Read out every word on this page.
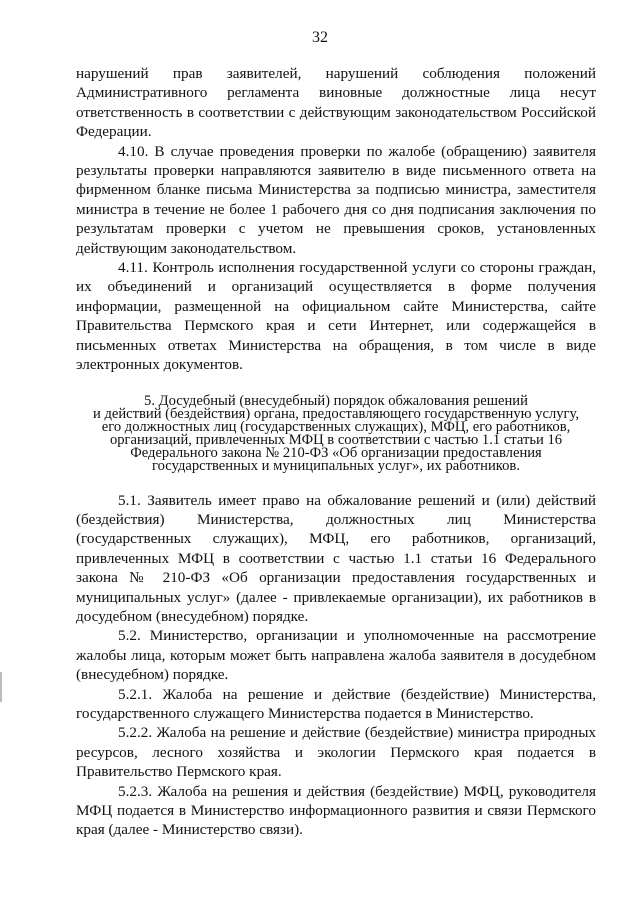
32

нарушений прав заявителей, нарушений соблюдения положений Административного регламента виновные должностные лица несут ответственность в соответствии с действующим законодательством Российской Федерации.

4.10. В случае проведения проверки по жалобе (обращению) заявителя результаты проверки направляются заявителю в виде письменного ответа на фирменном бланке письма Министерства за подписью министра, заместителя министра в течение не более 1 рабочего дня со дня подписания заключения по результатам проверки с учетом не превышения сроков, установленных действующим законодательством.

4.11. Контроль исполнения государственной услуги со стороны граждан, их объединений и организаций осуществляется в форме получения информации, размещенной на официальном сайте Министерства, сайте Правительства Пермского края и сети Интернет, или содержащейся в письменных ответах Министерства на обращения, в том числе в виде электронных документов.

5. Досудебный (внесудебный) порядок обжалования решений
и действий (бездействия) органа, предоставляющего государственную услугу,
его должностных лиц (государственных служащих), МФЦ, его работников,
организаций, привлеченных МФЦ в соответствии с частью 1.1 статьи 16
Федерального закона № 210-ФЗ «Об организации предоставления
государственных и муниципальных услуг», их работников.

5.1. Заявитель имеет право на обжалование решений и (или) действий (бездействия) Министерства, должностных лиц Министерства (государственных служащих), МФЦ, его работников, организаций, привлеченных МФЦ в соответствии с частью 1.1 статьи 16 Федерального закона № 210-ФЗ «Об организации предоставления государственных и муниципальных услуг» (далее - привлекаемые организации), их работников в досудебном (внесудебном) порядке.

5.2. Министерство, организации и уполномоченные на рассмотрение жалобы лица, которым может быть направлена жалоба заявителя в досудебном (внесудебном) порядке.

5.2.1. Жалоба на решение и действие (бездействие) Министерства, государственного служащего Министерства подается в Министерство.

5.2.2. Жалоба на решение и действие (бездействие) министра природных ресурсов, лесного хозяйства и экологии Пермского края подается в Правительство Пермского края.

5.2.3. Жалоба на решения и действия (бездействие) МФЦ, руководителя МФЦ подается в Министерство информационного развития и связи Пермского края (далее - Министерство связи).
